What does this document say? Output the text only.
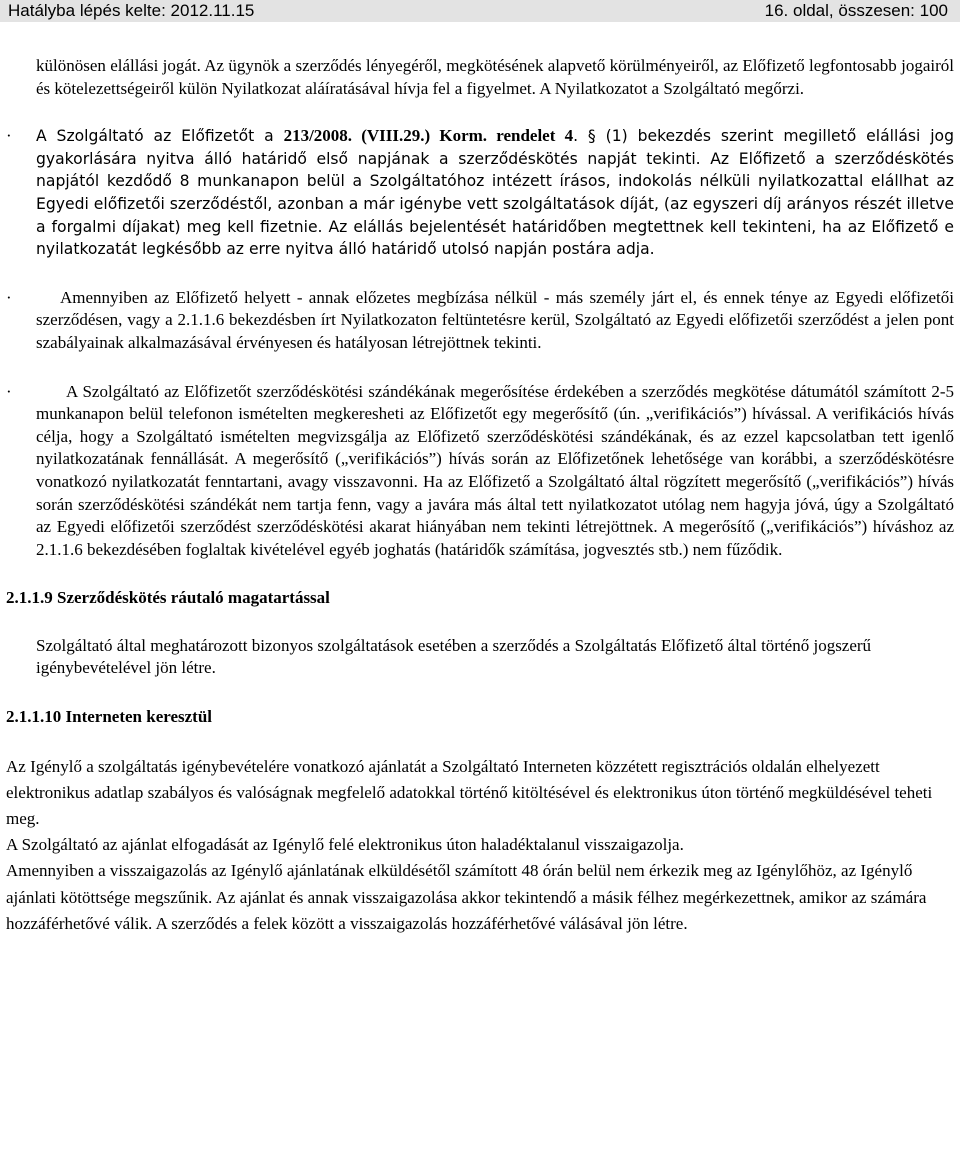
Hatályba lépés kelte: 2012.11.15	16. oldal, összesen: 100

különösen elállási jogát. Az ügynök a szerződés lényegéről, megkötésének alapvető körülményeiről, az Előfizető legfontosabb jogairól és kötelezettségeiről külön Nyilatkozat aláíratásával hívja fel a figyelmet. A Nyilatkozatot a Szolgáltató megőrzi.

· A Szolgáltató az Előfizetőt a 213/2008. (VIII.29.) Korm. rendelet 4. § (1) bekezdés szerint megillető elállási jog gyakorlására nyitva álló határidő első napjának a szerződéskötés napját tekinti. Az Előfizető a szerződéskötés napjától kezdődő 8 munkanapon belül a Szolgáltatóhoz intézett írásos, indokolás nélküli nyilatkozattal elállhat az Egyedi előfizetői szerződéstől, azonban a már igénybe vett szolgáltatások díját, (az egyszeri díj arányos részét illetve a forgalmi díjakat) meg kell fizetnie. Az elállás bejelentését határidőben megtettnek kell tekinteni, ha az Előfizető e nyilatkozatát legkésőbb az erre nyitva álló határidő utolsó napján postára adja.

·	Amennyiben az Előfizető helyett - annak előzetes megbízása nélkül - más személy járt el, és ennek ténye az Egyedi előfizetői szerződésen, vagy a 2.1.1.6 bekezdésben írt Nyilatkozaton feltüntetésre kerül, Szolgáltató az Egyedi előfizetői szerződést a jelen pont szabályainak alkalmazásával érvényesen és hatályosan létrejöttnek tekinti.

·	A Szolgáltató az Előfizetőt szerződéskötési szándékának megerősítése érdekében a szerződés megkötése dátumától számított 2-5 munkanapon belül telefonon ismételten megkeresheti az Előfizetőt egy megerősítő (ún. „verifikációs”) hívással. A verifikációs hívás célja, hogy a Szolgáltató ismételten megvizsgálja az Előfizető szerződéskötési szándékának, és az ezzel kapcsolatban tett igenlő nyilatkozatának fennállását. A megerősítő („verifikációs”) hívás során az Előfizetőnek lehetősége van korábbi, a szerződéskötésre vonatkozó nyilatkozatát fenntartani, avagy visszavonni. Ha az Előfizető a Szolgáltató által rögzített megerősítő („verifikációs”) hívás során szerződéskötési szándékát nem tartja fenn, vagy a javára más által tett nyilatkozatot utólag nem hagyja jóvá, úgy a Szolgáltató az Egyedi előfizetői szerződést szerződéskötési akarat hiányában nem tekinti létrejöttnek. A megerősítő („verifikációs”) híváshoz az 2.1.1.6 bekezdésében foglaltak kivételével egyéb joghatás (határidők számítása, jogvesztés stb.) nem fűződik.

2.1.1.9 Szerződéskötés ráutaló magatartással

Szolgáltató által meghatározott bizonyos szolgáltatások esetében a szerződés a Szolgáltatás Előfizető által történő jogszerű igénybevételével jön létre.

2.1.1.10 Interneten keresztül

Az Igénylő a szolgáltatás igénybevételére vonatkozó ajánlatát a Szolgáltató Interneten közzétett regisztrációs oldalán elhelyezett elektronikus adatlap szabályos és valóságnak megfelelő adatokkal történő kitöltésével és elektronikus úton történő megküldésével teheti meg.

A Szolgáltató az ajánlat elfogadását az Igénylő felé elektronikus úton haladéktalanul visszaigazolja.

Amennyiben a visszaigazolás az Igénylő ajánlatának elküldésétől számított 48 órán belül nem érkezik meg az Igénylőhöz, az Igénylő ajánlati kötöttsége megszűnik. Az ajánlat és annak visszaigazolása akkor tekintendő a másik félhez megérkezettnek, amikor az számára hozzáférhetővé válik. A szerződés a felek között a visszaigazolás hozzáférhetővé válásával jön létre.
